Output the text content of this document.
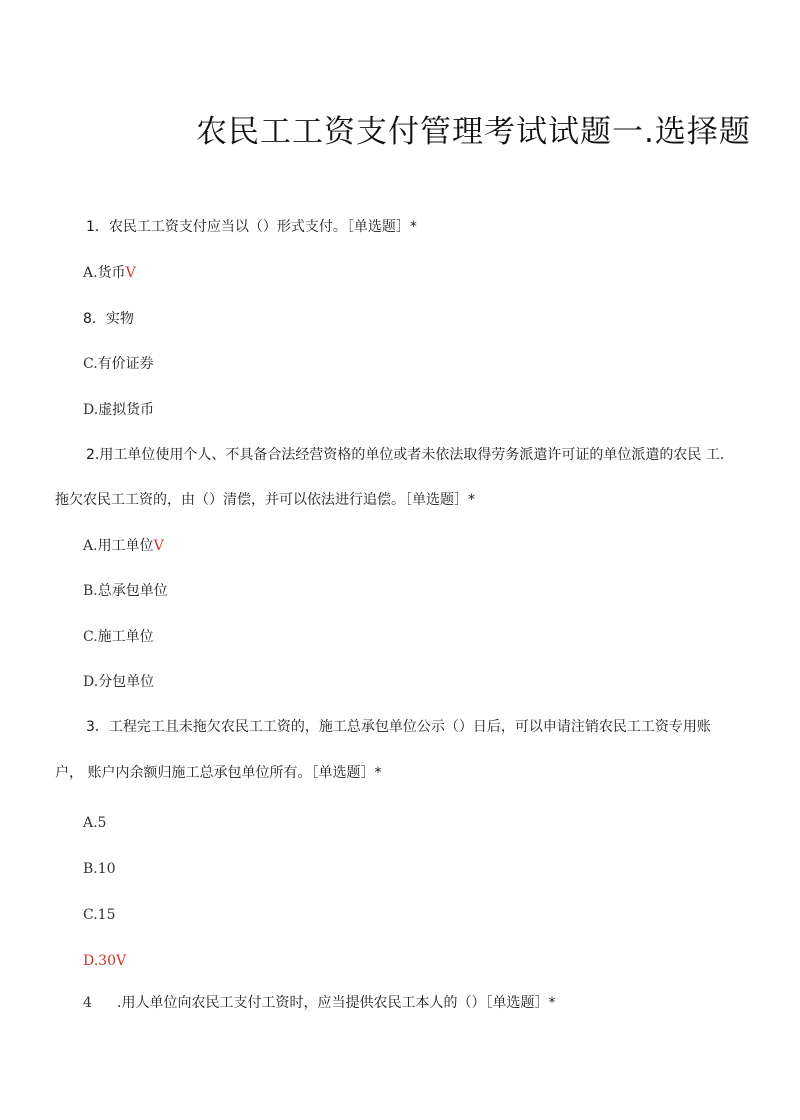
农民工工资支付管理考试试题一.选择题
1．农民工工资支付应当以（）形式支付。［单选题］*
A.货币V
8．实物
C.有价证券
D.虚拟货币
2.用工单位使用个人、不具备合法经营资格的单位或者未依法取得劳务派遣许可证的单位派遣的农民 工.
拖欠农民工工资的，由（）清偿，并可以依法进行追偿。［单选题］*
A.用工单位V
B.总承包单位
C.施工单位
D.分包单位
3．工程完工且未拖欠农民工工资的，施工总承包单位公示（）日后，可以申请注销农民工工资专用账
户， 账户内余额归施工总承包单位所有。［单选题］*
A.5
B.10
C.15
D.30V
4 .用人单位向农民工支付工资时，应当提供农民工本人的（）［单选题］*
